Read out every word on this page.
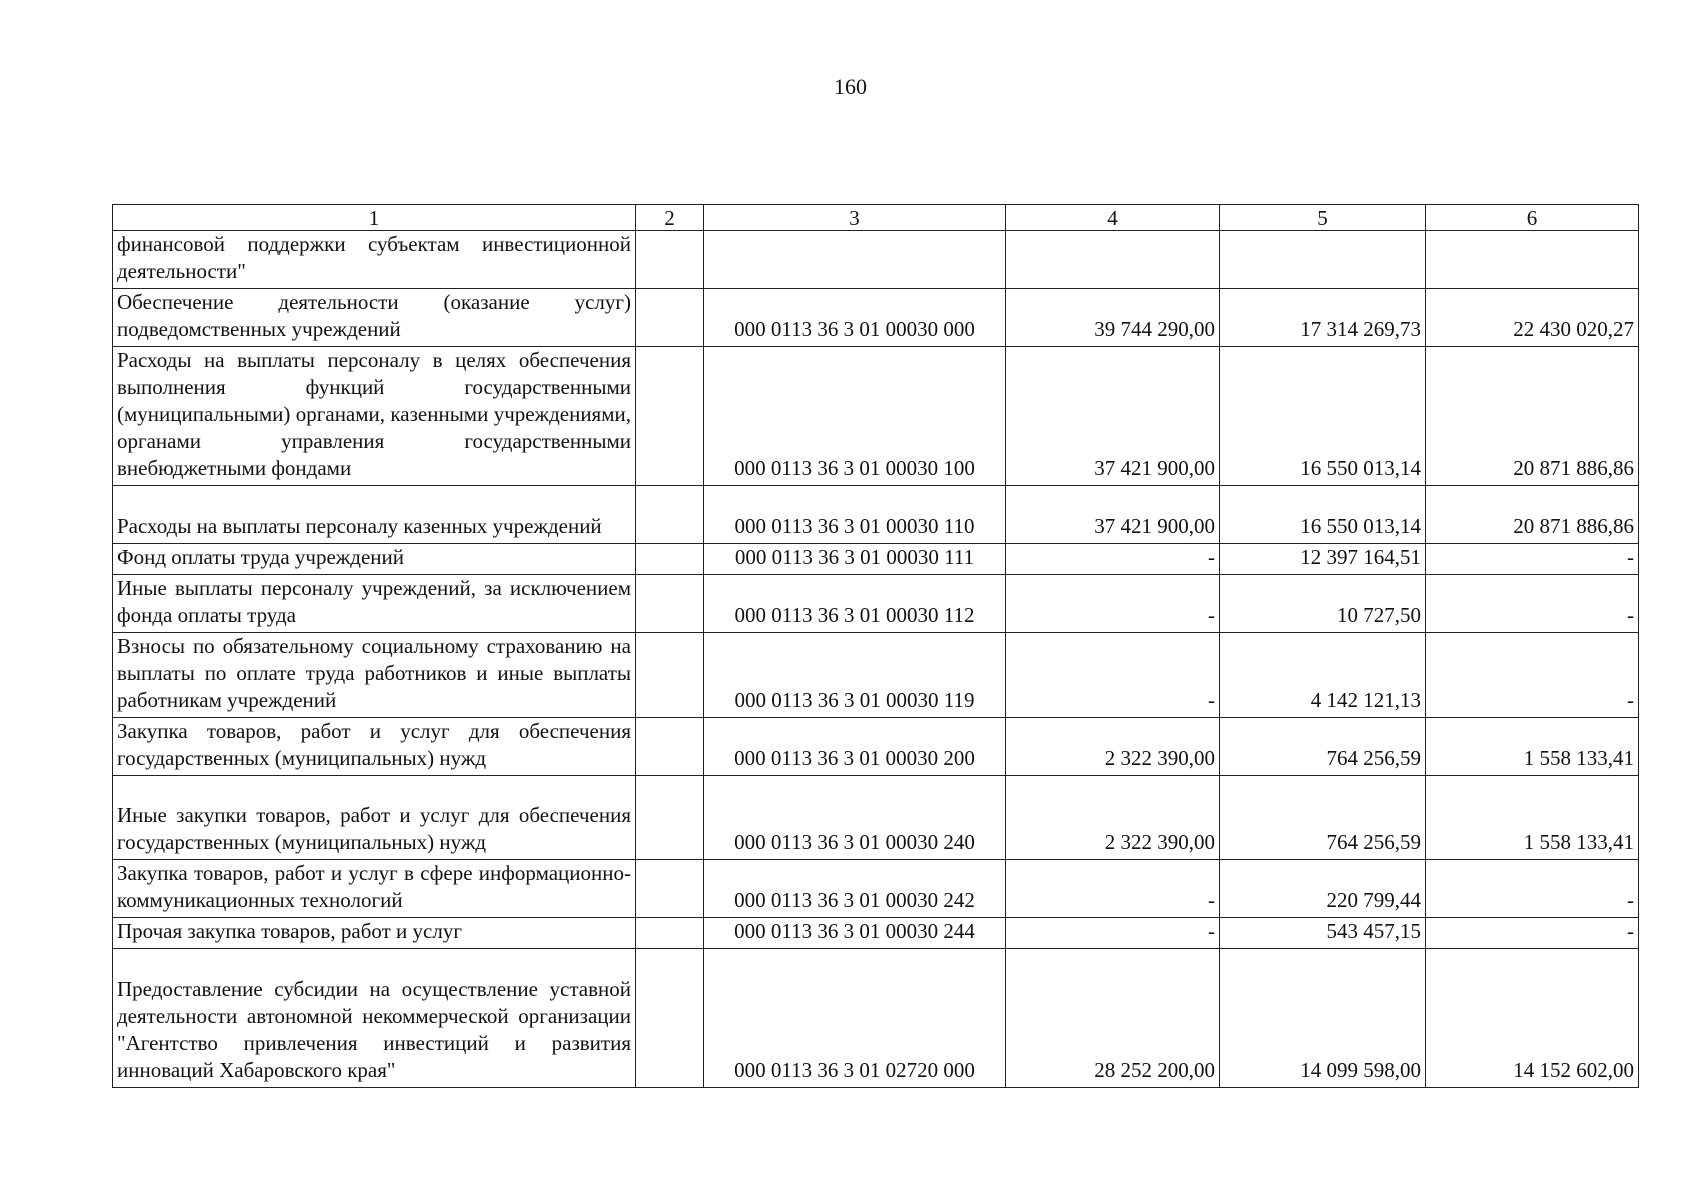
160
1	2	3	4	5	6
финансовой поддержки субъектам инвестиционной деятельности"					
Обеспечение деятельности (оказание услуг) подведомственных учреждений		000 0113 36 3 01 00030 000	39 744 290,00	17 314 269,73	22 430 020,27
Расходы на выплаты персоналу в целях обеспечения выполнения функций государственными (муниципальными) органами, казенными учреждениями, органами управления государственными внебюджетными фондами		000 0113 36 3 01 00030 100	37 421 900,00	16 550 013,14	20 871 886,86
Расходы на выплаты персоналу казенных учреждений		000 0113 36 3 01 00030 110	37 421 900,00	16 550 013,14	20 871 886,86
Фонд оплаты труда учреждений		000 0113 36 3 01 00030 111	-	12 397 164,51	-
Иные выплаты персоналу учреждений, за исключением фонда оплаты труда		000 0113 36 3 01 00030 112	-	10 727,50	-
Взносы по обязательному социальному страхованию на выплаты по оплате труда работников и иные выплаты работникам учреждений		000 0113 36 3 01 00030 119	-	4 142 121,13	-
Закупка товаров, работ и услуг для обеспечения государственных (муниципальных) нужд		000 0113 36 3 01 00030 200	2 322 390,00	764 256,59	1 558 133,41
Иные закупки товаров, работ и услуг для обеспечения государственных (муниципальных) нужд		000 0113 36 3 01 00030 240	2 322 390,00	764 256,59	1 558 133,41
Закупка товаров, работ и услуг в сфере информационно-коммуникационных технологий		000 0113 36 3 01 00030 242	-	220 799,44	-
Прочая закупка товаров, работ и услуг		000 0113 36 3 01 00030 244	-	543 457,15	-
Предоставление субсидии на осуществление уставной деятельности автономной некоммерческой организации "Агентство привлечения инвестиций и развития инноваций Хабаровского края"		000 0113 36 3 01 02720 000	28 252 200,00	14 099 598,00	14 152 602,00
